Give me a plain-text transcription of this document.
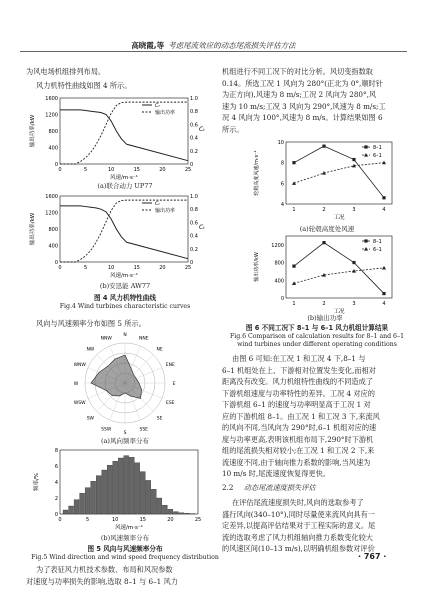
高晓霞,等 考虑尾流效应的动态尾流损失评估方法
为风电场机组排列布局。
风力机特性曲线如图 4 所示。
1600
1200
800
400
0
1.0
0.8
0.6
0.4
0.2
0
0	5	10	15	20	25
风速/m·s⁻¹
输出功率/kW	Cₜ
Cₜ
输出功率
(a)联合动力 UP77
1600
1200
800
400
0
1.0
0.8
0.6
0.4
0.2
0
0	5	10	15	20	25
风速/m·s⁻¹
输出功率/kW	Cₜ
Cₜ
输出功率
(b)安迅能 AW77
图 4 风力机特性曲线
Fig.4 Wind turbines characteristic curves
风向与风速频率分布如图 5 所示。
N
NNE
NE
ENE
E
ESE
SE
SSE
S
SSW
SW
WSW
W
WNW
NW
NNW
(a)风向频率分布
8
6
4
2
0
0	5	10	15	20	25
风速/m·s⁻¹
频率/%
(b)风速频率分布
图 5 风向与风速频率分布
Fig.5 Wind direction and wind speed frequency distribution
为了表征风力机技术参数、布局和风况参数
对速度与功率损失的影响,选取 8–1 与 6–1 风力
机组进行不同工况下的对比分析。风切变指数取
0.14。所选工况 1 风向为 280°(正北为 0°,顺时针
为正方向),风速为 8 m/s;工况 2 风向为 280°,风
速为 10 m/s;工况 3 风向为 290°,风速为 8 m/s;工
况 4 风向为 100°,风速为 8 m/s。计算结果如图 6
所示。
10
8
6
4
1	2	3	4
工况
轮毂高度风速/m·s⁻¹
8–1
6–1
(a)轮毂高度处风速
1200
800
400
0
1	2	3	4
工况
输出功率/kW
8–1
6–1
(b)输出功率
图 6 不同工况下 8–1 与 6–1 风力机组计算结果
Fig.6 Comparison of calculation results for 8–1 and 6–1
wind turbines under different operating conditions
由图 6 可知:在工况 1 和工况 4 下,8–1 与
6–1 机组处在上、下游相对位置发生变化,而相对
距离没有改变。风力机组特性曲线的不同造成了
下游机组速度与功率特性的差异。工况 4 对应的
下游机组 6–1 的速度与功率明显高于工况 1 对
应的下游机组 8–1。由工况 1 和工况 3 下,来流风
的风向不同,当风向为 290°时,6–1 机组对应的速
度与功率更高,表明该机组布局下,290°时下游机
组的尾流损失相对较小;在工况 1 和工况 2 下,来
流速度不同,由于轴向推力系数的影响,当风速为
10 m/s 时,尾流速度恢复得更快。
2.2 动态尾流速度损失评估
在评估尾流速度损失时,风向的选取参考了
盛行风向(340–10°),同时尽量使来流风向具有一
定差异,以提高评估结果对于工程实际的意义。尾
流的选取考虑了风力机组轴向推力系数变化较大
的风速区间(10–13 m/s),以明确机组参数对评价
· 767 ·
